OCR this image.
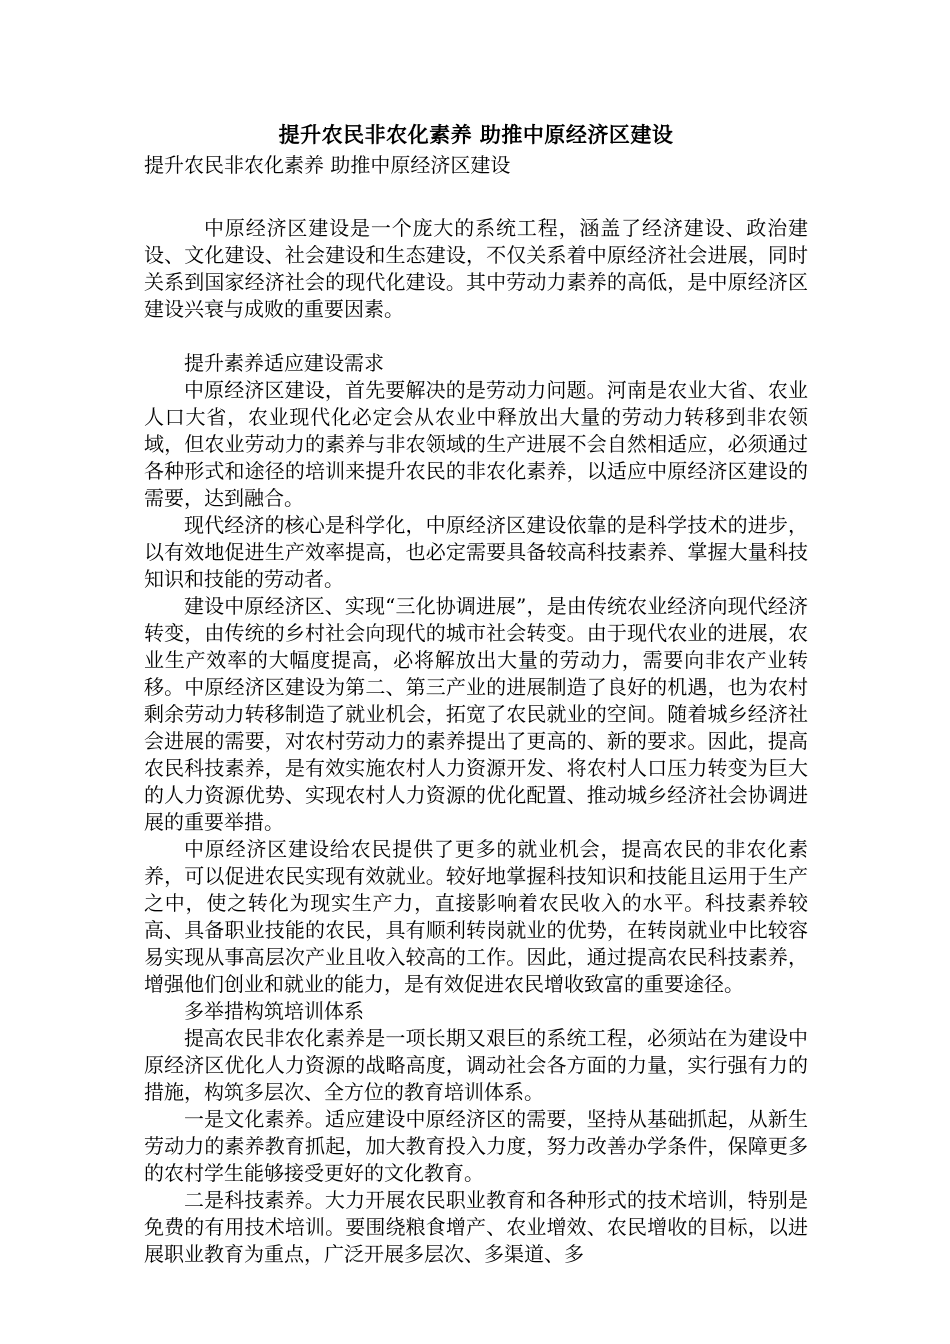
提升农民非农化素养 助推中原经济区建设

提升农民非农化素养 助推中原经济区建设

中原经济区建设是一个庞大的系统工程，涵盖了经济建设、政治建设、文化建设、社会建设和生态建设，不仅关系着中原经济社会进展，同时关系到国家经济社会的现代化建设。其中劳动力素养的高低，是中原经济区建设兴衰与成败的重要因素。

提升素养适应建设需求

中原经济区建设，首先要解决的是劳动力问题。河南是农业大省、农业人口大省，农业现代化必定会从农业中释放出大量的劳动力转移到非农领域，但农业劳动力的素养与非农领域的生产进展不会自然相适应，必须通过各种形式和途径的培训来提升农民的非农化素养，以适应中原经济区建设的需要，达到融合。

现代经济的核心是科学化，中原经济区建设依靠的是科学技术的进步，以有效地促进生产效率提高，也必定需要具备较高科技素养、掌握大量科技知识和技能的劳动者。

建设中原经济区、实现“三化协调进展”，是由传统农业经济向现代经济转变，由传统的乡村社会向现代的城市社会转变。由于现代农业的进展，农业生产效率的大幅度提高，必将解放出大量的劳动力，需要向非农产业转移。中原经济区建设为第二、第三产业的进展制造了良好的机遇，也为农村剩余劳动力转移制造了就业机会，拓宽了农民就业的空间。随着城乡经济社会进展的需要，对农村劳动力的素养提出了更高的、新的要求。因此，提高农民科技素养，是有效实施农村人力资源开发、将农村人口压力转变为巨大的人力资源优势、实现农村人力资源的优化配置、推动城乡经济社会协调进展的重要举措。

中原经济区建设给农民提供了更多的就业机会，提高农民的非农化素养，可以促进农民实现有效就业。较好地掌握科技知识和技能且运用于生产之中，使之转化为现实生产力，直接影响着农民收入的水平。科技素养较高、具备职业技能的农民，具有顺利转岗就业的优势，在转岗就业中比较容易实现从事高层次产业且收入较高的工作。因此，通过提高农民科技素养，增强他们创业和就业的能力，是有效促进农民增收致富的重要途径。

多举措构筑培训体系

提高农民非农化素养是一项长期又艰巨的系统工程，必须站在为建设中原经济区优化人力资源的战略高度，调动社会各方面的力量，实行强有力的措施，构筑多层次、全方位的教育培训体系。

一是文化素养。适应建设中原经济区的需要，坚持从基础抓起，从新生劳动力的素养教育抓起，加大教育投入力度，努力改善办学条件，保障更多的农村学生能够接受更好的文化教育。

二是科技素养。大力开展农民职业教育和各种形式的技术培训，特别是免费的有用技术培训。要围绕粮食增产、农业增效、农民增收的目标，以进展职业教育为重点，广泛开展多层次、多渠道、多
